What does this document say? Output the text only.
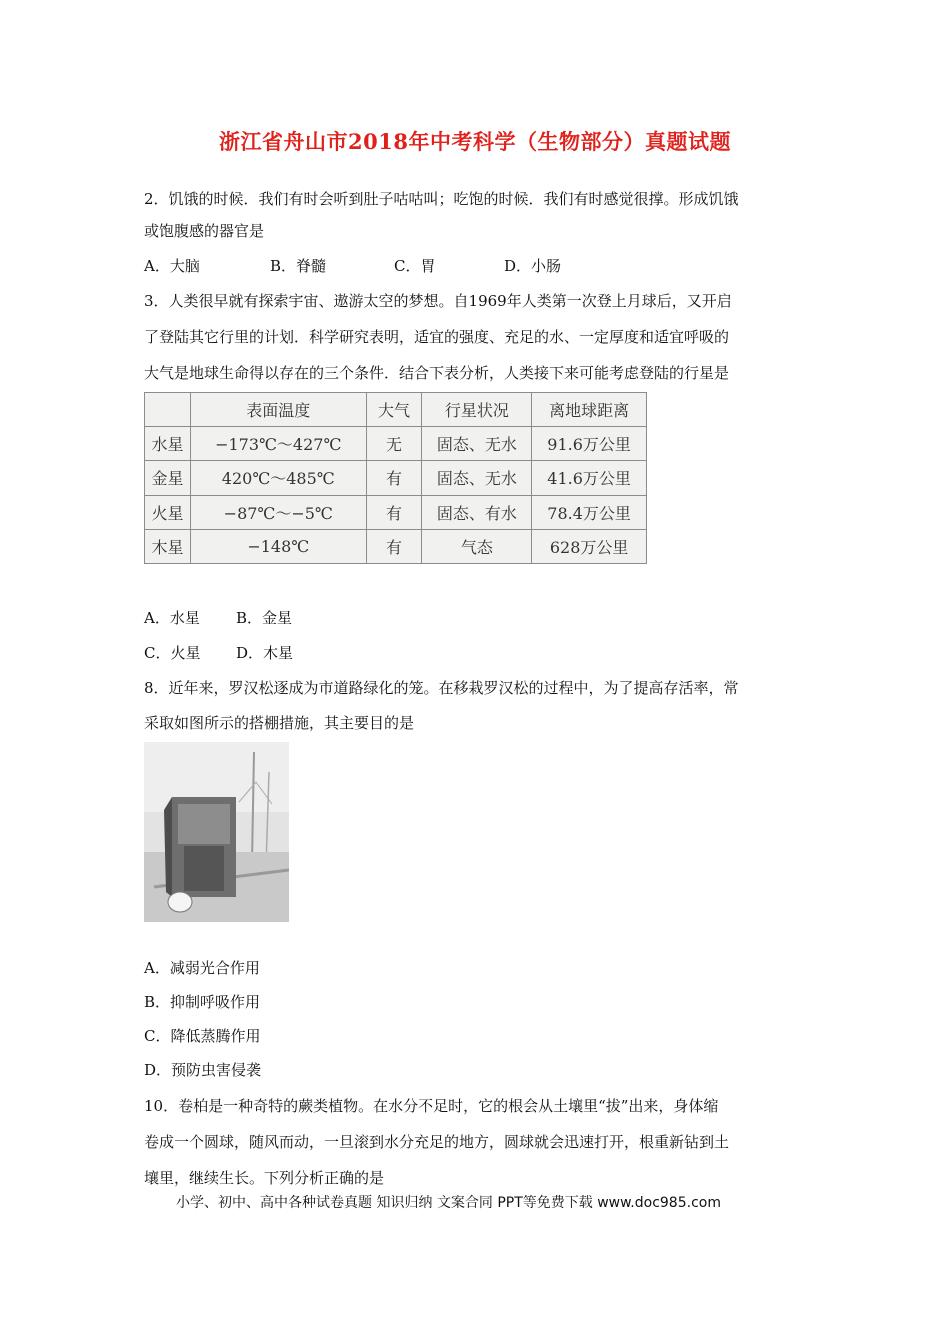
浙江省舟山市2018年中考科学（生物部分）真题试题
2．饥饿的时候．我们有时会听到肚子咕咕叫；吃饱的时候．我们有时感觉很撑。形成饥饿
或饱腹感的器官是
A．大脑	B．脊髓	C．胃	D．小肠
3．人类很早就有探索宇宙、遨游太空的梦想。自1969年人类第一次登上月球后，又开启
了登陆其它行里的计划．科学研究表明，适宜的强度、充足的水、一定厚度和适宜呼吸的
大气是地球生命得以存在的三个条件．结合下表分析，人类接下来可能考虑登陆的行星是
	表面温度	大气	行星状况	离地球距离
水星	−173℃～427℃	无	固态、无水	91.6万公里
金星	420℃～485℃	有	固态、无水	41.6万公里
火星	−87℃～−5℃	有	固态、有水	78.4万公里
木星	−148℃	有	气态	628万公里
A．水星 B．金星
C．火星 D．木星
8．近年来，罗汉松逐成为市道路绿化的笼。在移栽罗汉松的过程中，为了提高存活率，常
采取如图所示的搭棚措施，其主要目的是
A．减弱光合作用
B．抑制呼吸作用
C．降低蒸腾作用
D．预防虫害侵袭
10．卷柏是一种奇特的蕨类植物。在水分不足时，它的根会从土壤里“拔”出来，身体缩
卷成一个圆球，随风而动，一旦滚到水分充足的地方，圆球就会迅速打开，根重新钻到土
壤里，继续生长。下列分析正确的是
小学、初中、高中各种试卷真题 知识归纳 文案合同 PPT等免费下载 www.doc985.com
